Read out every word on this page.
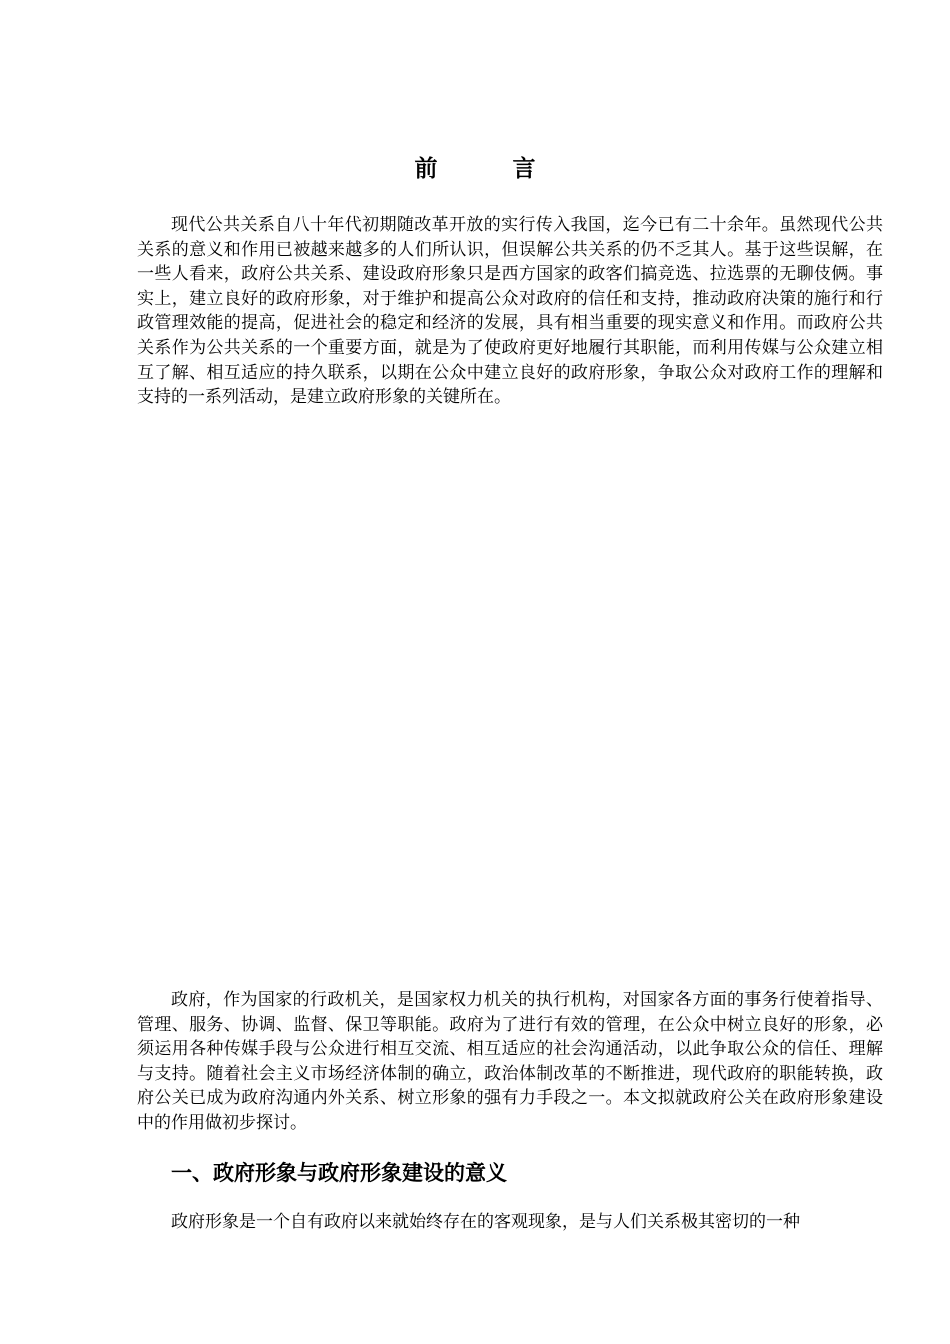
前　言

现代公共关系自八十年代初期随改革开放的实行传入我国，迄今已有二十余年。虽然现代公共关系的意义和作用已被越来越多的人们所认识，但误解公共关系的仍不乏其人。基于这些误解，在一些人看来，政府公共关系、建设政府形象只是西方国家的政客们搞竞选、拉选票的无聊伎俩。事实上，建立良好的政府形象，对于维护和提高公众对政府的信任和支持，推动政府决策的施行和行政管理效能的提高，促进社会的稳定和经济的发展，具有相当重要的现实意义和作用。而政府公共关系作为公共关系的一个重要方面，就是为了使政府更好地履行其职能，而利用传媒与公众建立相互了解、相互适应的持久联系，以期在公众中建立良好的政府形象，争取公众对政府工作的理解和支持的一系列活动，是建立政府形象的关键所在。

政府，作为国家的行政机关，是国家权力机关的执行机构，对国家各方面的事务行使着指导、管理、服务、协调、监督、保卫等职能。政府为了进行有效的管理，在公众中树立良好的形象，必须运用各种传媒手段与公众进行相互交流、相互适应的社会沟通活动，以此争取公众的信任、理解与支持。随着社会主义市场经济体制的确立，政治体制改革的不断推进，现代政府的职能转换，政府公关已成为政府沟通内外关系、树立形象的强有力手段之一。本文拟就政府公关在政府形象建设中的作用做初步探讨。

一、政府形象与政府形象建设的意义

政府形象是一个自有政府以来就始终存在的客观现象，是与人们关系极其密切的一种
